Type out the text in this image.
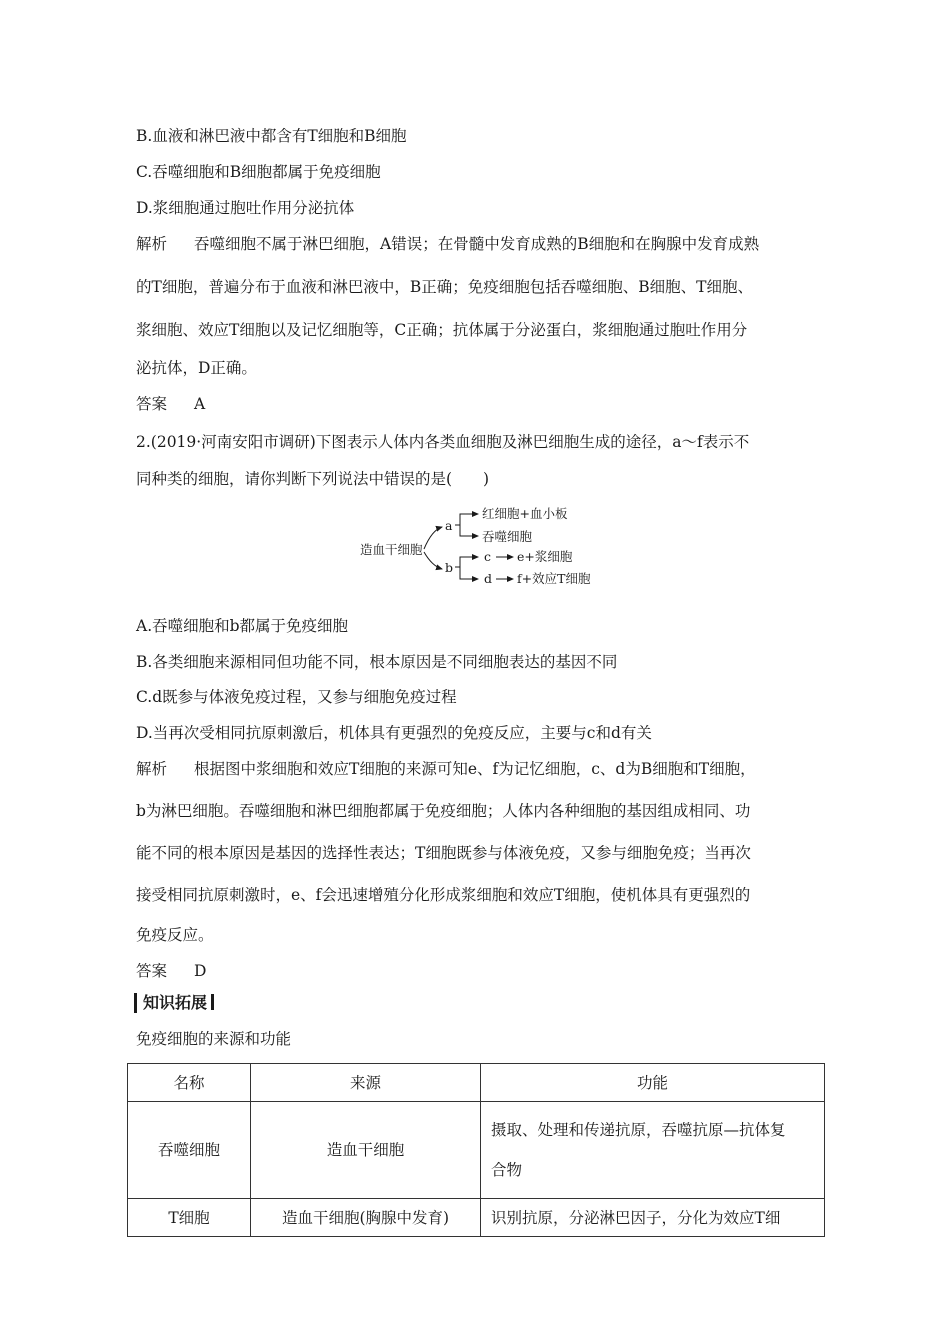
B.血液和淋巴液中都含有T细胞和B细胞
C.吞噬细胞和B细胞都属于免疫细胞
D.浆细胞通过胞吐作用分泌抗体
解析 吞噬细胞不属于淋巴细胞，A错误；在骨髓中发育成熟的B细胞和在胸腺中发育成熟
的T细胞，普遍分布于血液和淋巴液中，B正确；免疫细胞包括吞噬细胞、B细胞、T细胞、
浆细胞、效应T细胞以及记忆细胞等，C正确；抗体属于分泌蛋白，浆细胞通过胞吐作用分
泌抗体，D正确。
答案 A
2.(2019·河南安阳市调研)下图表示人体内各类血细胞及淋巴细胞生成的途径，a～f表示不
同种类的细胞，请你判断下列说法中错误的是(　　)
造血干细胞
a
b
红细胞+血小板
吞噬细胞
c
d
e+浆细胞
f+效应T细胞
A.吞噬细胞和b都属于免疫细胞
B.各类细胞来源相同但功能不同，根本原因是不同细胞表达的基因不同
C.d既参与体液免疫过程，又参与细胞免疫过程
D.当再次受相同抗原刺激后，机体具有更强烈的免疫反应，主要与c和d有关
解析 根据图中浆细胞和效应T细胞的来源可知e、f为记忆细胞，c、d为B细胞和T细胞，
b为淋巴细胞。吞噬细胞和淋巴细胞都属于免疫细胞；人体内各种细胞的基因组成相同、功
能不同的根本原因是基因的选择性表达；T细胞既参与体液免疫，又参与细胞免疫；当再次
接受相同抗原刺激时，e、f会迅速增殖分化形成浆细胞和效应T细胞，使机体具有更强烈的
免疫反应。
答案 D
知识拓展
免疫细胞的来源和功能
名称	来源	功能
吞噬细胞	造血干细胞	摄取、处理和传递抗原，吞噬抗原—抗体复
合物

T细胞	造血干细胞(胸腺中发育)	识别抗原，分泌淋巴因子，分化为效应T细
